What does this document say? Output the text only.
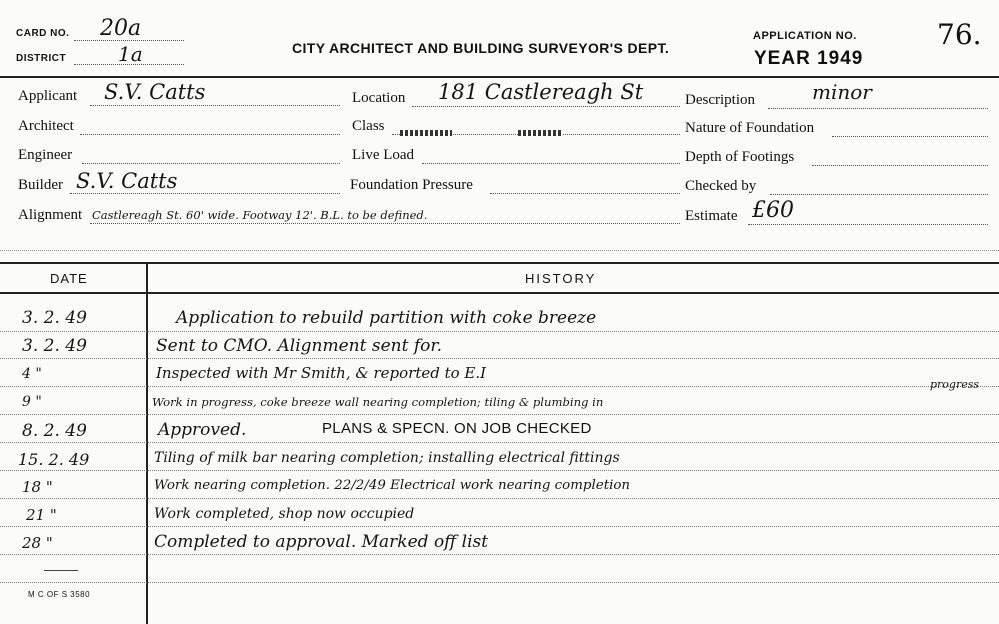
CARD NO. 20a
DISTRICT	1a	CITY ARCHITECT AND BUILDING SURVEYOR'S DEPT.
APPLICATION NO.	76.
YEAR 1949
Applicant S.V. Catts	Location 181 Castlereagh St	Description	minor
Architect	Class	Nature of Foundation
Engineer	Live Load	Depth of Footings
Builder S.V. Catts	Foundation Pressure	Checked by
Alignment Castlereagh St. 60' wide. Footway 12'. B.L. to be defined.	Estimate £60
DATE	HISTORY
3. 2. 49	Application to rebuild partition with coke breeze
3. 2. 49	Sent to CMO. Alignment sent for.
4 "	Inspected with Mr Smith, & reported to E.I
9 "	Work in progress, coke breeze wall nearing completion; tiling & plumbing in
progress
8. 2. 49	Approved.	PLANS & SPECN. ON JOB CHECKED
15. 2. 49	Tiling of milk bar nearing completion; installing electrical fittings
18 "	Work nearing completion. 22/2/49 Electrical work nearing completion
21 "	Work completed, shop now occupied
28 "	Completed to approval. Marked off list
M C OF S 3580
